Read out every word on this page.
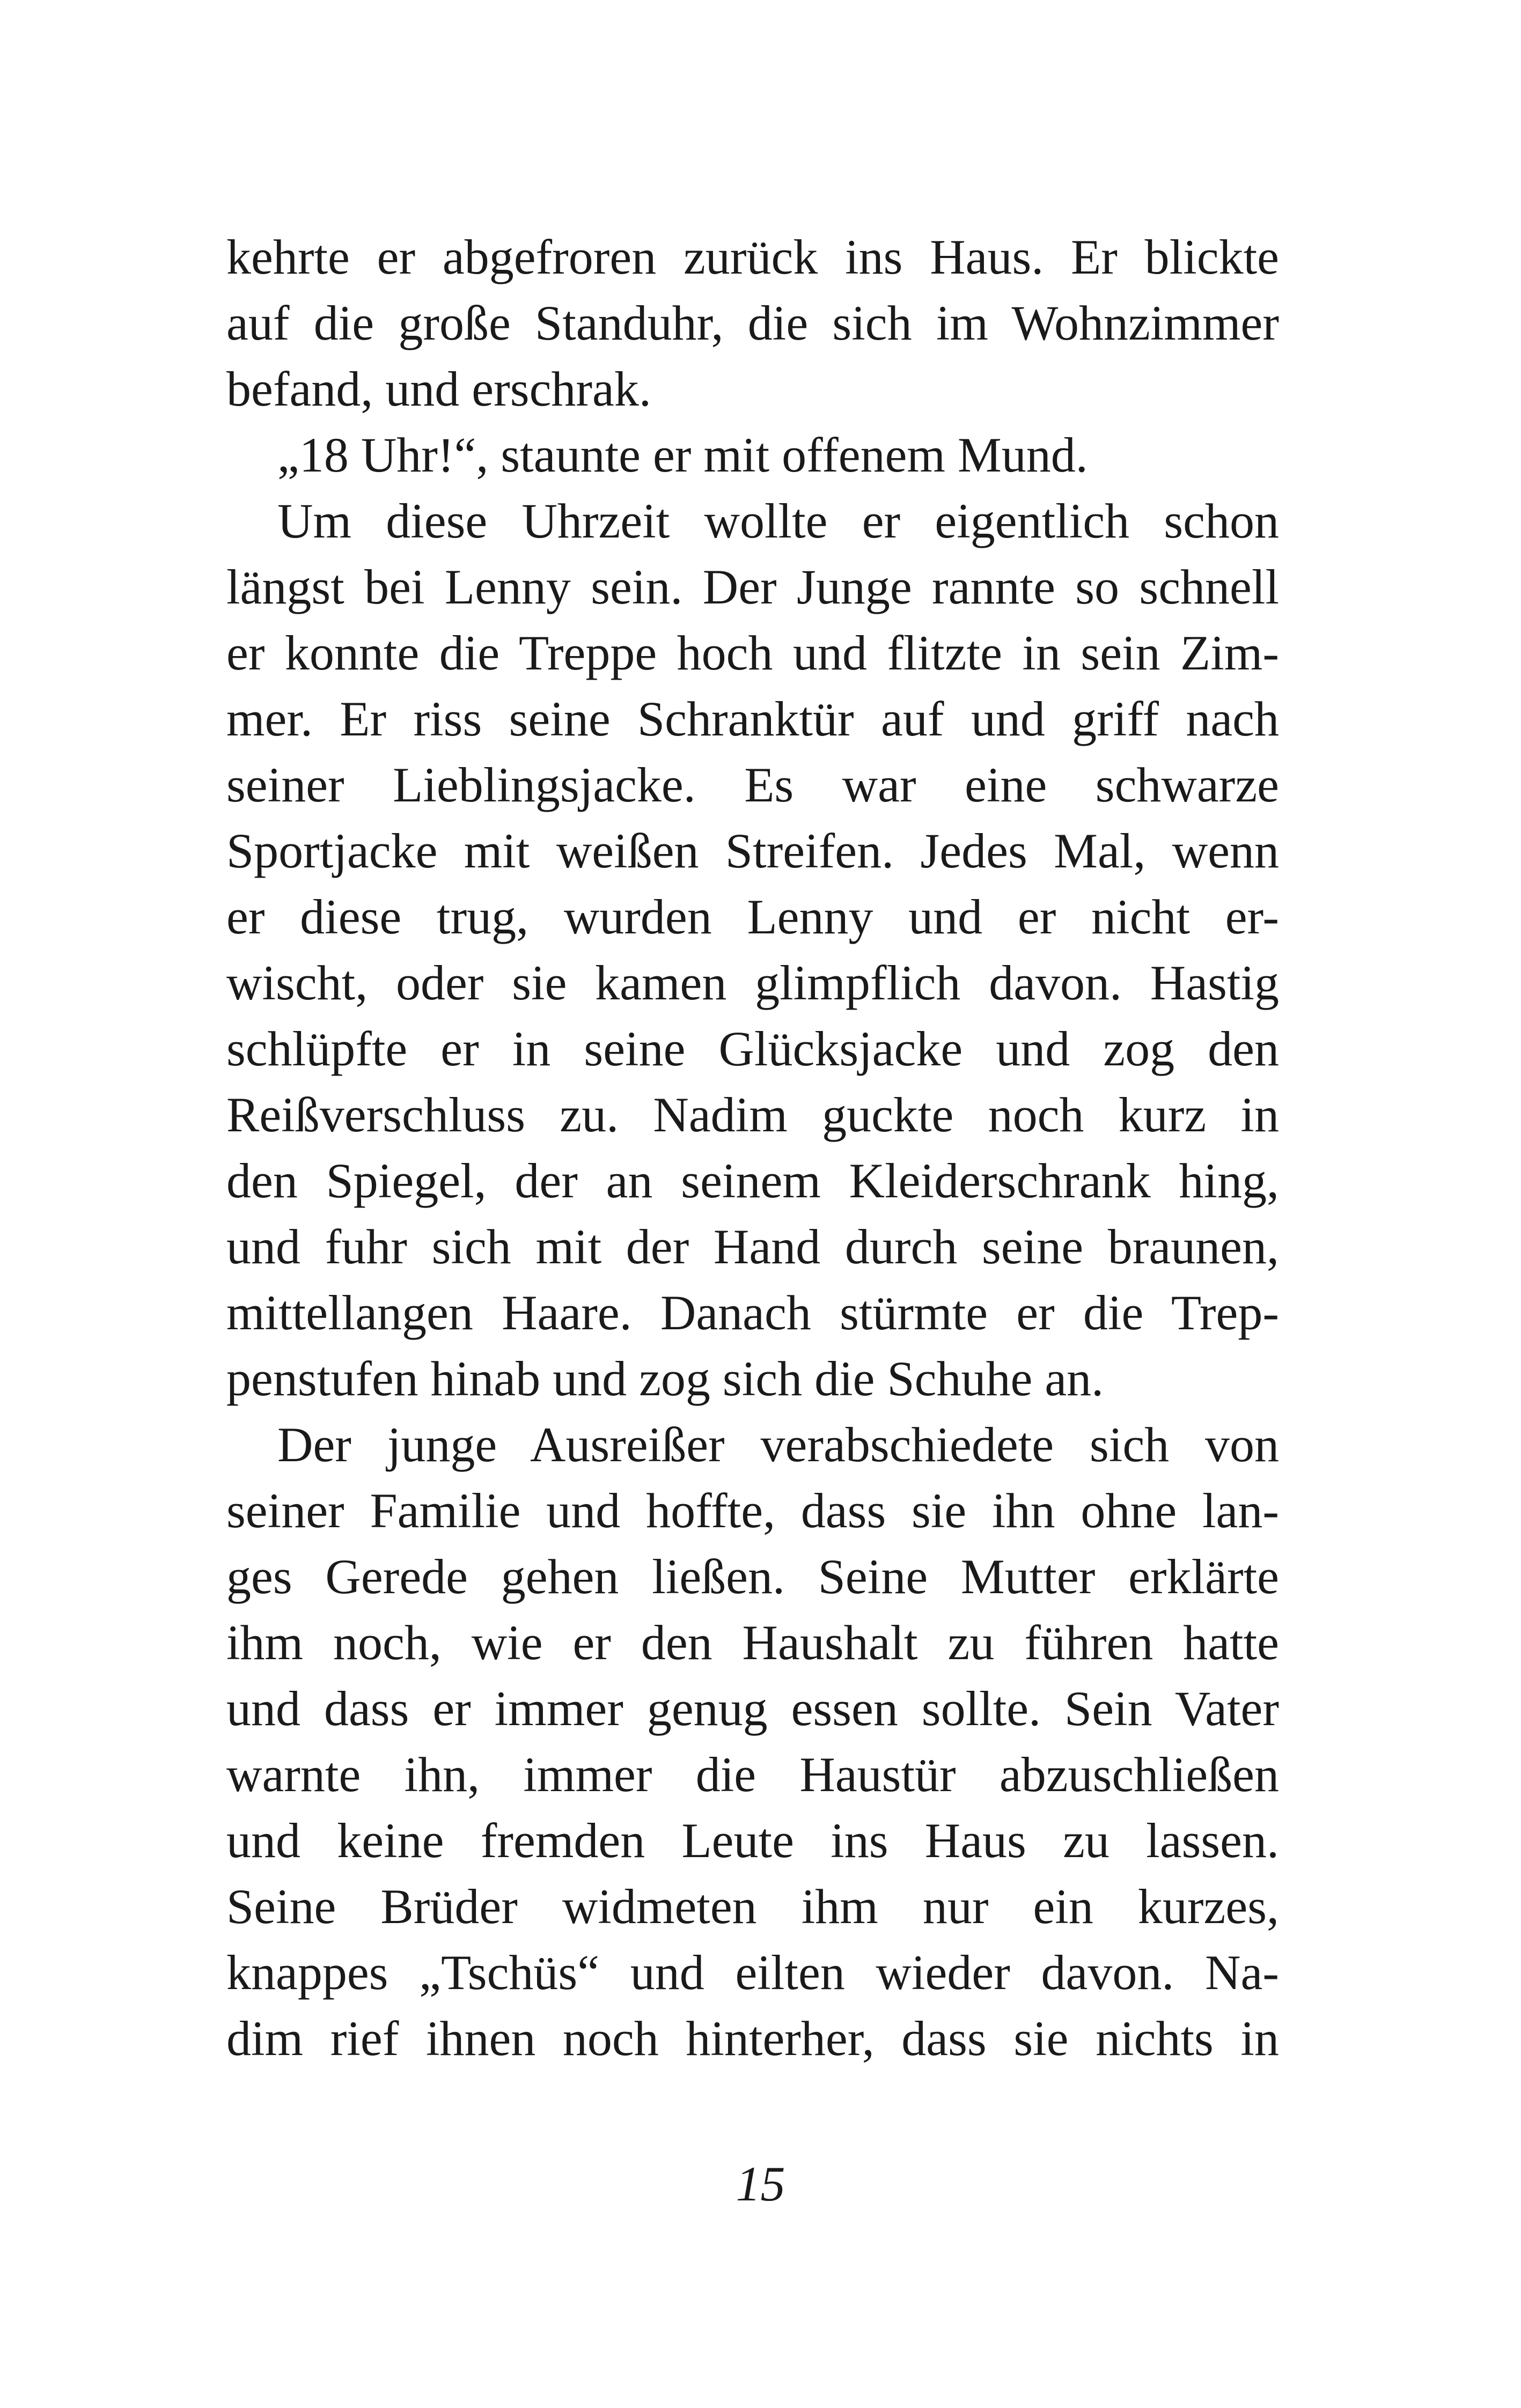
kehrte er abgefroren zurück ins Haus. Er blickte
auf die große Standuhr, die sich im Wohnzimmer
befand, und erschrak.
„18 Uhr!“, staunte er mit offenem Mund.
Um diese Uhrzeit wollte er eigentlich schon
längst bei Lenny sein. Der Junge rannte so schnell
er konnte die Treppe hoch und flitzte in sein Zim-
mer. Er riss seine Schranktür auf und griff nach
seiner Lieblingsjacke. Es war eine schwarze
Sportjacke mit weißen Streifen. Jedes Mal, wenn
er diese trug, wurden Lenny und er nicht er-
wischt, oder sie kamen glimpflich davon. Hastig
schlüpfte er in seine Glücksjacke und zog den
Reißverschluss zu. Nadim guckte noch kurz in
den Spiegel, der an seinem Kleiderschrank hing,
und fuhr sich mit der Hand durch seine braunen,
mittellangen Haare. Danach stürmte er die Trep-
penstufen hinab und zog sich die Schuhe an.
Der junge Ausreißer verabschiedete sich von
seiner Familie und hoffte, dass sie ihn ohne lan-
ges Gerede gehen ließen. Seine Mutter erklärte
ihm noch, wie er den Haushalt zu führen hatte
und dass er immer genug essen sollte. Sein Vater
warnte ihn, immer die Haustür abzuschließen
und keine fremden Leute ins Haus zu lassen.
Seine Brüder widmeten ihm nur ein kurzes,
knappes „Tschüs“ und eilten wieder davon. Na-
dim rief ihnen noch hinterher, dass sie nichts in
15
